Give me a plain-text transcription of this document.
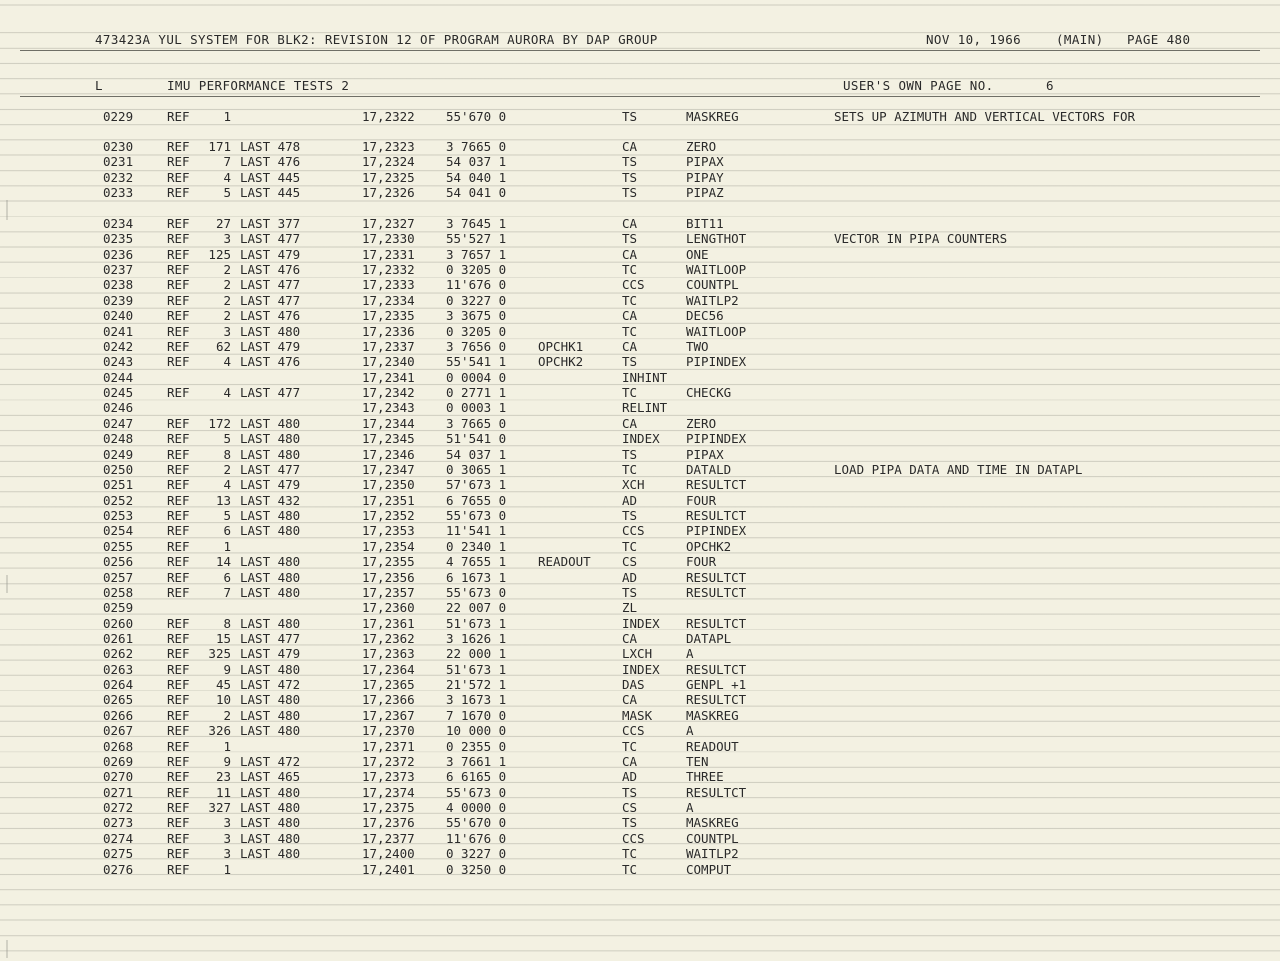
473423A YUL SYSTEM FOR BLK2: REVISION 12 OF PROGRAM AURORA BY DAP GROUP	NOV 10, 1966	(MAIN) PAGE 480
L	IMU PERFORMANCE TESTS 2	USER'S OWN PAGE NO.	6
0229	REF	1	17,2322	55'670 0	TS	MASKREG	SETS UP AZIMUTH AND VERTICAL VECTORS FOR
0230	REF	171 LAST 478	17,2323	3 7665 0	CA	ZERO
0231	REF	7 LAST 476	17,2324	54 037 1	TS	PIPAX
0232	REF	4 LAST 445	17,2325	54 040 1	TS	PIPAY
0233	REF	5 LAST 445	17,2326	54 041 0	TS	PIPAZ
0234	REF	27 LAST 377	17,2327	3 7645 1	CA	BIT11
0235	REF	3 LAST 477	17,2330	55'527 1	TS	LENGTHOT	VECTOR IN PIPA COUNTERS
0236	REF	125 LAST 479	17,2331	3 7657 1	CA	ONE
0237	REF	2 LAST 476	17,2332	0 3205 0	TC	WAITLOOP
0238	REF	2 LAST 477	17,2333	11'676 0	CCS	COUNTPL
0239	REF	2 LAST 477	17,2334	0 3227 0	TC	WAITLP2
0240	REF	2 LAST 476	17,2335	3 3675 0	CA	DEC56
0241	REF	3 LAST 480	17,2336	0 3205 0	TC	WAITLOOP
0242	REF	62 LAST 479	17,2337	3 7656 0	OPCHK1	CA	TWO
0243	REF	4 LAST 476	17,2340	55'541 1	OPCHK2	TS	PIPINDEX
0244	17,2341	0 0004 0	INHINT
0245	REF	4 LAST 477	17,2342	0 2771 1	TC	CHECKG
0246	17,2343	0 0003 1	RELINT
0247	REF	172 LAST 480	17,2344	3 7665 0	CA	ZERO
0248	REF	5 LAST 480	17,2345	51'541 0	INDEX PIPINDEX
0249	REF	8 LAST 480	17,2346	54 037 1	TS	PIPAX
0250	REF	2 LAST 477	17,2347	0 3065 1	TC	DATALD	LOAD PIPA DATA AND TIME IN DATAPL
0251	REF	4 LAST 479	17,2350	57'673 1	XCH	RESULTCT
0252	REF	13 LAST 432	17,2351	6 7655 0	AD	FOUR
0253	REF	5 LAST 480	17,2352	55'673 0	TS	RESULTCT
0254	REF	6 LAST 480	17,2353	11'541 1	CCS	PIPINDEX
0255	REF	1	17,2354	0 2340 1	TC	OPCHK2
0256	REF	14 LAST 480	17,2355	4 7655 1	READOUT	CS	FOUR
0257	REF	6 LAST 480	17,2356	6 1673 1	AD	RESULTCT
0258	REF	7 LAST 480	17,2357	55'673 0	TS	RESULTCT
0259	17,2360	22 007 0	ZL
0260	REF	8 LAST 480	17,2361	51'673 1	INDEX RESULTCT
0261	REF	15 LAST 477	17,2362	3 1626 1	CA	DATAPL
0262	REF	325 LAST 479	17,2363	22 000 1	LXCH	A
0263	REF	9 LAST 480	17,2364	51'673 1	INDEX RESULTCT
0264	REF	45 LAST 472	17,2365	21'572 1	DAS	GENPL +1
0265	REF	10 LAST 480	17,2366	3 1673 1	CA	RESULTCT
0266	REF	2 LAST 480	17,2367	7 1670 0	MASK	MASKREG
0267	REF	326 LAST 480	17,2370	10 000 0	CCS	A
0268	REF	1	17,2371	0 2355 0	TC	READOUT
0269	REF	9 LAST 472	17,2372	3 7661 1	CA	TEN
0270	REF	23 LAST 465	17,2373	6 6165 0	AD	THREE
0271	REF	11 LAST 480	17,2374	55'673 0	TS	RESULTCT
0272	REF	327 LAST 480	17,2375	4 0000 0	CS	A
0273	REF	3 LAST 480	17,2376	55'670 0	TS	MASKREG
0274	REF	3 LAST 480	17,2377	11'676 0	CCS	COUNTPL
0275	REF	3 LAST 480	17,2400	0 3227 0	TC	WAITLP2
0276	REF	1	17,2401	0 3250 0	TC	COMPUT
